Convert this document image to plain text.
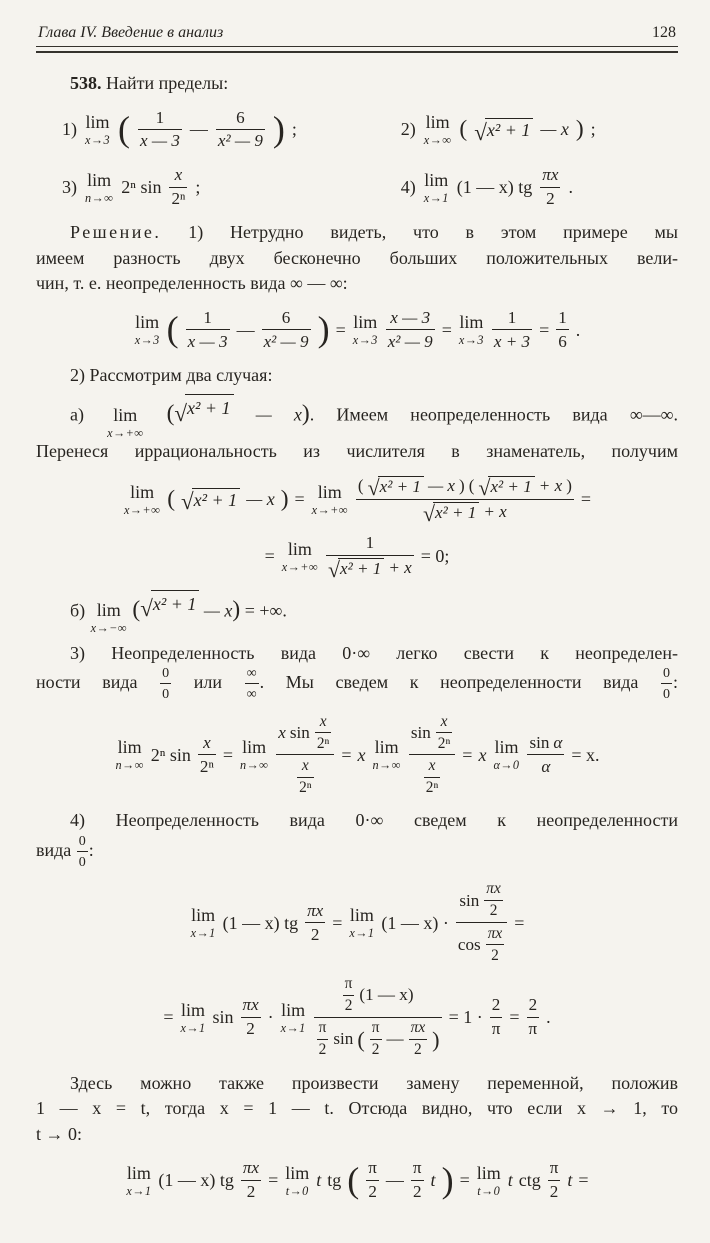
Глава IV. Введение в анализ	128
538. Найти пределы:
1) lim
x→3 ( $\frac{1}{x — 3}$ — $\frac{6}{\text{x² — 9}}$ ) ;	2) lim
x→∞ ( √ x² + 1 — x ) ;
3) lim
n→∞
2ⁿ $\sin \frac{x}{\text{2ⁿ}}$ ;	4) lim
x→1
(1 — x) tg $\frac{\pi x}{2}$ .
Решение. 1) Нетрудно видеть, что в этом примере мы
имеем разность двух бесконечно больших положительных вели-
чин, т. е. неопределенность вида ∞ — ∞:
lim
x→3 ( $\frac{1}{x — 3}$ — $\frac{6}{\text{x² — 9}}$ ) = lim
$x\to 3 \frac{x — 3}{\text{x² — 9}} = \lim$
$x\to 3 \frac{1}{x + 3} = \frac{1}{6}$ .
2) Рассмотрим два случая:
а) lim
x→+∞
( √ x² + 1 — x). Имеем неопределенность вида ∞—∞.
Перенеся иррациональность из числителя в знаменатель, получим
lim
x→+∞ ( √ x² + 1 — x ) = lim
$x\to+\infty \frac{\text{( √ x² + 1 — x ) ( √ x² + 1 + x )}}{\text{√ x² + 1 + x}}$ =
= lim
$x\to+\infty \frac{1}{\text{√ x² + 1 + x}} = 0$;
б) lim
x→−∞
( √ x² + 1 — x) = +∞.
3) Неопределенность вида 0·∞ легко свести к неопределен-
ности вида $\frac{0}{0}$ или $\frac{\infty}{\infty}$ . Мы сведем к неопределенности вида $\frac{0}{0}$ :
lim
n→∞
2ⁿ $\sin \frac{x}{\text{2ⁿ}} = \lim$
$n\to\infty \frac{x \sin \frac{x}{\text{2ⁿ}}}{\frac{x}{\text{2ⁿ}}} = x$ lim
$n\to\infty \frac{\sin \frac{x}{\text{2ⁿ}}}{\frac{x}{\text{2ⁿ}}} = x$ lim
$\alpha\to 0 \frac{\text{sin α}}{\alpha} = x$.
4) Неопределенность вида 0·∞ сведем к неопределенности
вида $\frac{0}{0}$ :
lim
x→1
(1 — x) tg $\frac{\pi x}{2} = \lim$
x→1
(1 — $x) \cdot \frac{\sin \frac{\pi x}{2}}{\cos \frac{\pi x}{2}}$ =
= lim
x→1
$\sin \frac{\pi x}{2} \cdot \lim$
$x\to 1 \frac{\frac{\pi}{2} (1 — x)}{\frac{\pi}{2} \sin ( \frac{\pi}{2} — \frac{\pi x}{2} )} = 1 \cdot \frac{2}{\pi} = \frac{2}{\pi}$ .
Здесь можно также произвести замену переменной, положив
1 — x = t, тогда x = 1 — t. Отсюда видно, что если x → 1, то
t → 0:
lim
x→1
(1 — x) tg $\frac{\pi x}{2} = \lim$
t→0
t tg ( $\frac{\pi}{2}$ — $\frac{\pi}{2}$ t ) = lim
t→0
t ctg $\frac{\pi}{2}$ t =
